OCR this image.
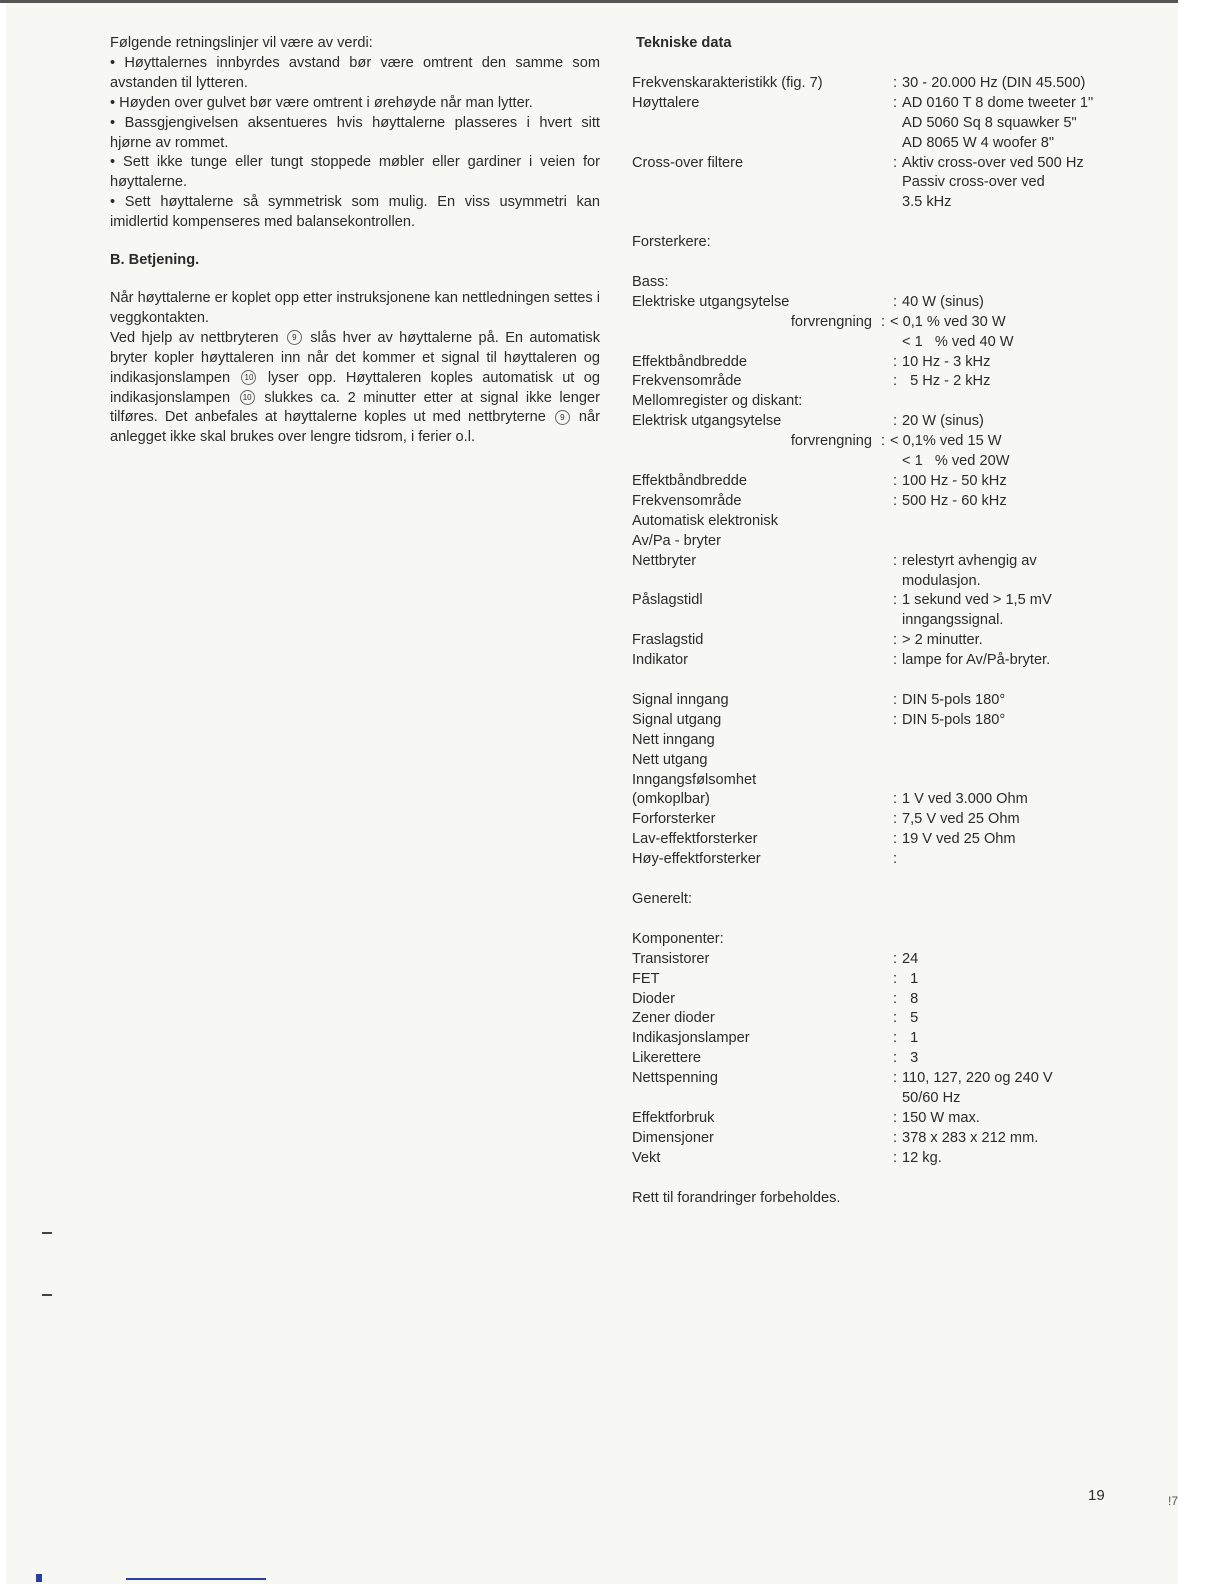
Følgende retningslinjer vil være av verdi:

• Høyttalernes innbyrdes avstand bør være omtrent den samme som avstanden til lytteren.

• Høyden over gulvet bør være omtrent i ørehøyde når man lytter.

• Bassgjengivelsen aksentueres hvis høyttalerne plasseres i hvert sitt hjørne av rommet.

• Sett ikke tunge eller tungt stoppede møbler eller gardiner i veien for høyttalerne.

• Sett høyttalerne så symmetrisk som mulig. En viss usymmetri kan imidlertid kompenseres med balansekontrollen.

B. Betjening.

Når høyttalerne er koplet opp etter instruksjonene kan nettledningen settes i veggkontakten.

Ved hjelp av nettbryteren 9 slås hver av høyttalerne på. En automatisk bryter kopler høyttaleren inn når det kommer et signal til høyttaleren og indikasjonslampen 10 lyser opp. Høyttaleren koples automatisk ut og indikasjonslampen 10 slukkes ca. 2 minutter etter at signal ikke lenger tilføres. Det anbefales at høyttalerne koples ut med nettbryterne 9 når anlegget ikke skal brukes over lengre tidsrom, i ferier o.l.

Tekniske data
Frekvenskarakteristikk (fig. 7)	: 30 - 20.000 Hz (DIN 45.500)
Høyttalere	: AD 0160 T 8 dome tweeter 1"
AD 5060 Sq 8 squawker 5"
AD 8065 W 4 woofer 8"
Cross-over filtere	: Aktiv cross-over ved 500 Hz
Passiv cross-over ved
3.5 kHz
Forsterkere:
Bass:
Elektriske utgangsytelse	: 40 W (sinus)
forvrengning : < 0,1 % ved 30 W
< 1   % ved 40 W
Effektbåndbredde	: 10 Hz - 3 kHz
Frekvensområde	: 5 Hz - 2 kHz
Mellomregister og diskant:
Elektrisk utgangsytelse	: 20 W (sinus)
forvrengning : < 0,1% ved 15 W
< 1   % ved 20W
Effektbåndbredde	: 100 Hz - 50 kHz
Frekvensområde	: 500 Hz - 60 kHz
Automatisk elektronisk
Av/Pa - bryter
Nettbryter	: relestyrt avhengig av
modulasjon.
Påslagstidl	: 1 sekund ved > 1,5 mV
inngangssignal.
Fraslagstid	: > 2 minutter.
Indikator	: lampe for Av/På-bryter.
Signal inngang	: DIN 5-pols 180°
Signal utgang	: DIN 5-pols 180°
Nett inngang
Nett utgang
Inngangsfølsomhet
(omkoplbar)	: 1 V ved 3.000 Ohm
Forforsterker	: 7,5 V ved 25 Ohm
Lav-effektforsterker	: 19 V ved 25 Ohm
Høy-effektforsterker	:
Generelt:
Komponenter:
Transistorer	: 24
FET	: 1
Dioder	: 8
Zener dioder	: 5
Indikasjonslamper	: 1
Likerettere	: 3
Nettspenning	: 110, 127, 220 og 240 V
50/60 Hz
Effektforbruk	: 150 W max.
Dimensjoner	: 378 x 283 x 212 mm.
Vekt	: 12 kg.
Rett til forandringer forbeholdes.
19	!7
